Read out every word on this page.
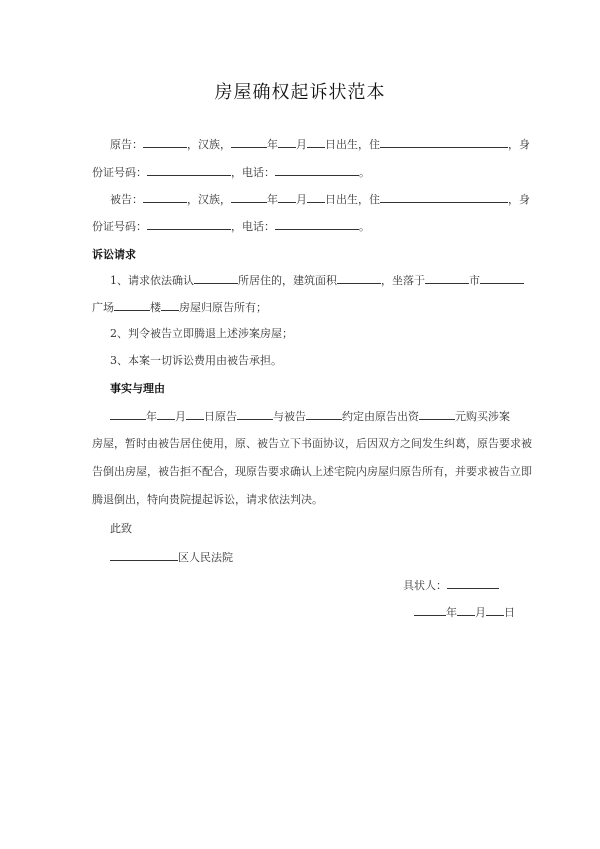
房屋确权起诉状范本
原告：	，汉族，	年 月 日出生，住	，身
份证号码：	，电话：	。
被告：	，汉族，	年 月 日出生，住	，身
份证号码：	，电话：	。
诉讼请求
1、请求依法确认	所居住的，建筑面积	，坐落于	市
广场	楼 房屋归原告所有；
2、判令被告立即腾退上述涉案房屋；
3、本案一切诉讼费用由被告承担。
事实与理由
年 月 日原告	与被告	约定由原告出资	元购买涉案
房屋，暂时由被告居住使用，原、被告立下书面协议，后因双方之间发生纠葛，原告要求被
告倒出房屋，被告拒不配合，现原告要求确认上述宅院内房屋归原告所有，并要求被告立即
腾退倒出，特向贵院提起诉讼，请求依法判决。
此致
区人民法院
具状人：
年 月 日
